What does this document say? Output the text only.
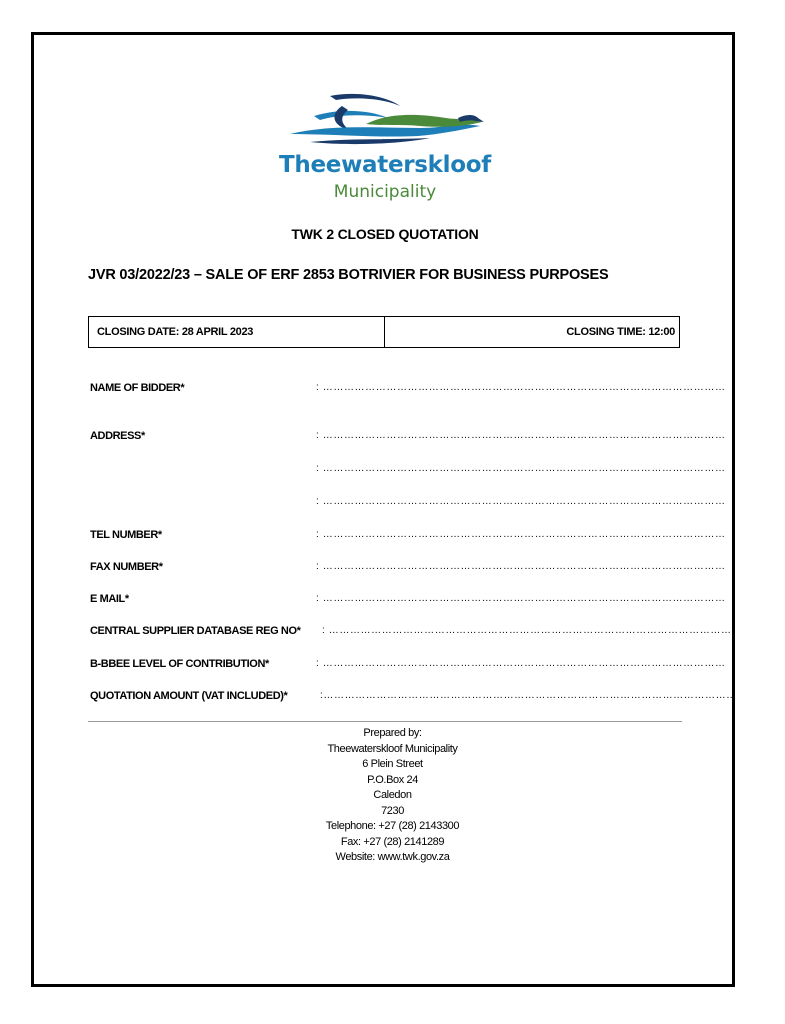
Theewaterskloof
Municipality
TWK 2 CLOSED QUOTATION
JVR 03/2022/23 – SALE OF ERF 2853 BOTRIVIER FOR BUSINESS PURPOSES
CLOSING DATE: 28 APRIL 2023	CLOSING TIME: 12:00
NAME OF BIDDER*	: ……………………………………………………………………………………………………
ADDRESS*	: ……………………………………………………………………………………………………
: ……………………………………………………………………………………………………
: ……………………………………………………………………………………………………
TEL NUMBER*	: ……………………………………………………………………………………………………
FAX NUMBER*	: ……………………………………………………………………………………………………
E MAIL*	: ……………………………………………………………………………………………………
CENTRAL SUPPLIER DATABASE REG NO* : ……………………………………………………………………………………………………
B-BBEE LEVEL OF CONTRIBUTION*	: ……………………………………………………………………………………………………
QUOTATION AMOUNT (VAT INCLUDED)*	:………………………………………………………………………………………………………
Prepared by:
Theewaterskloof Municipality
6 Plein Street
P.O.Box 24
Caledon
7230
Telephone: +27 (28) 2143300
Fax: +27 (28) 2141289
Website: www.twk.gov.za
